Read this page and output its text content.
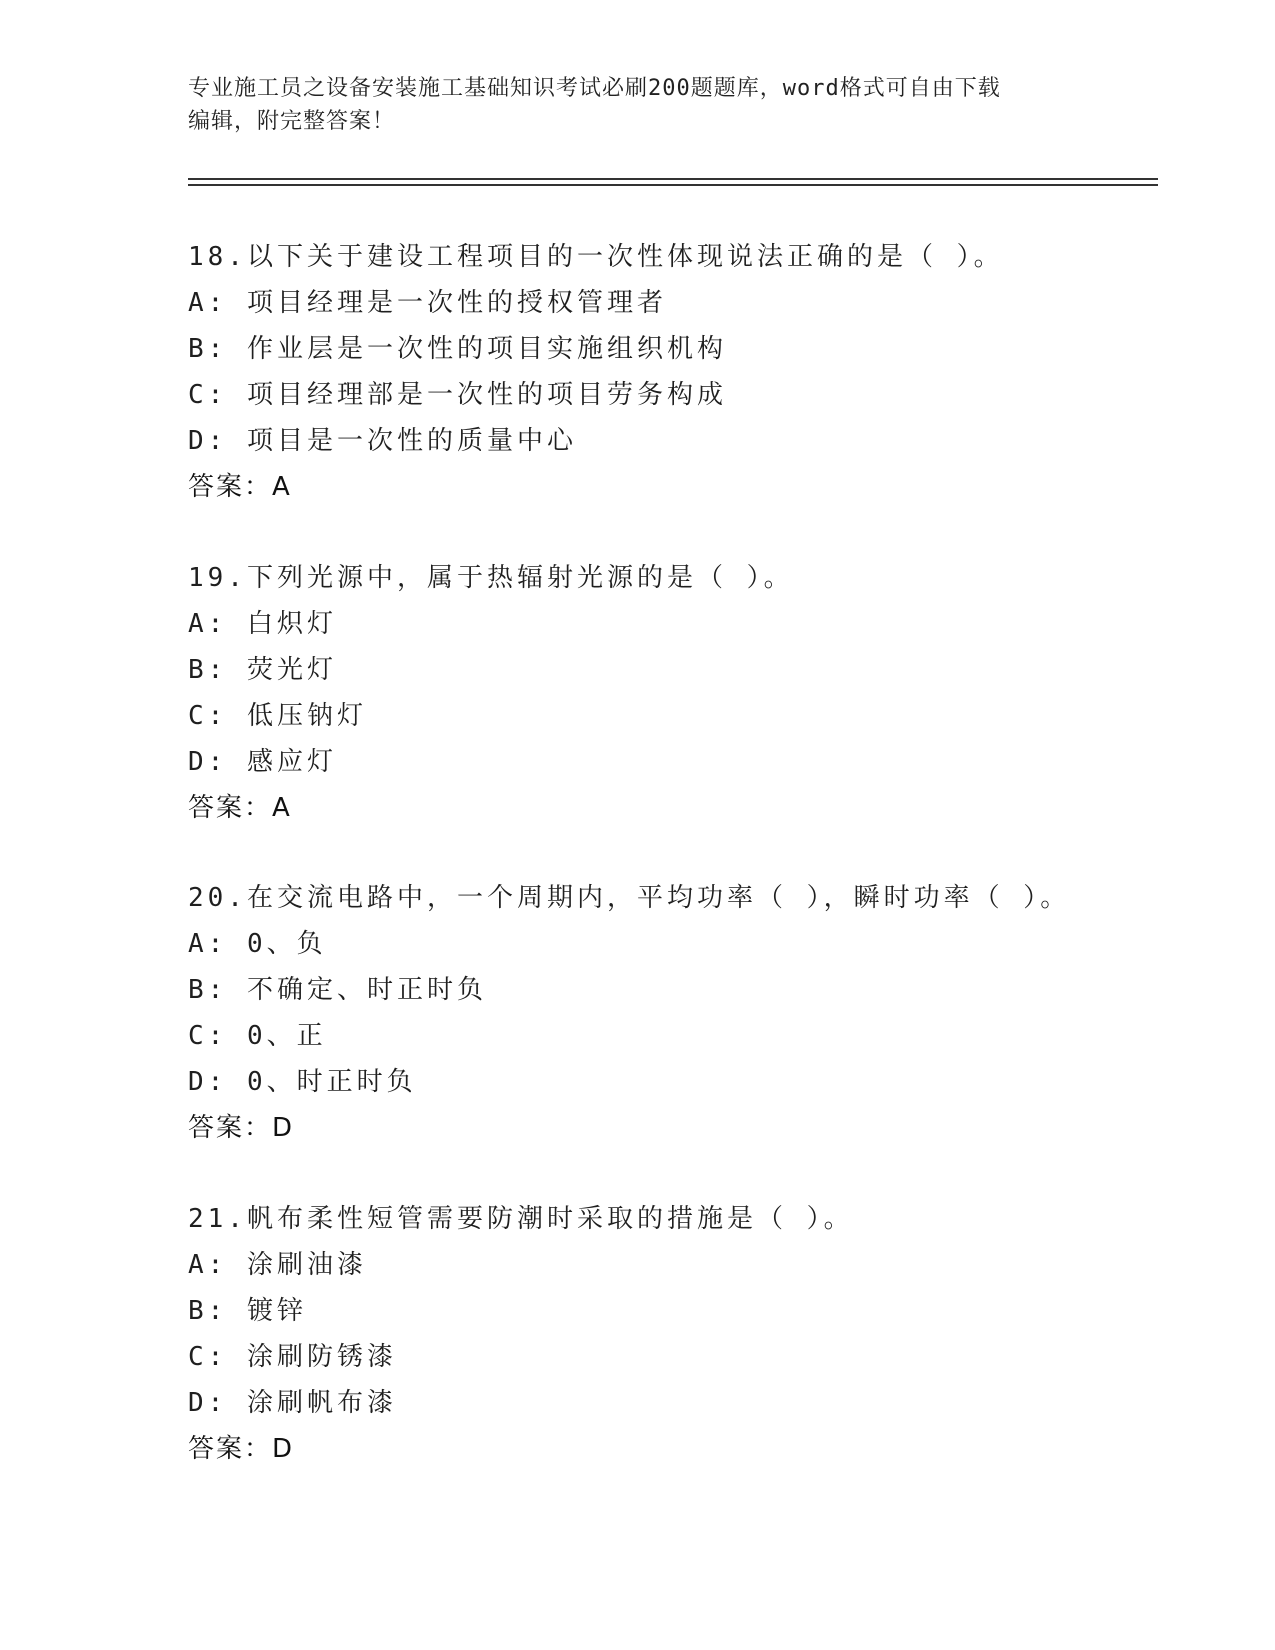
专业施工员之设备安装施工基础知识考试必刷200题题库，word格式可自由下载
编辑，附完整答案！
18.以下关于建设工程项目的一次性体现说法正确的是（ ）。
A: 项目经理是一次性的授权管理者
B: 作业层是一次性的项目实施组织机构
C: 项目经理部是一次性的项目劳务构成
D: 项目是一次性的质量中心
答案：A
19.下列光源中，属于热辐射光源的是（ ）。
A: 白炽灯
B: 荧光灯
C: 低压钠灯
D: 感应灯
答案：A
20.在交流电路中，一个周期内，平均功率（ ），瞬时功率（ ）。
A: 0、负
B: 不确定、时正时负
C: 0、正
D: 0、时正时负
答案：D
21.帆布柔性短管需要防潮时采取的措施是（ ）。
A: 涂刷油漆
B: 镀锌
C: 涂刷防锈漆
D: 涂刷帆布漆
答案：D
